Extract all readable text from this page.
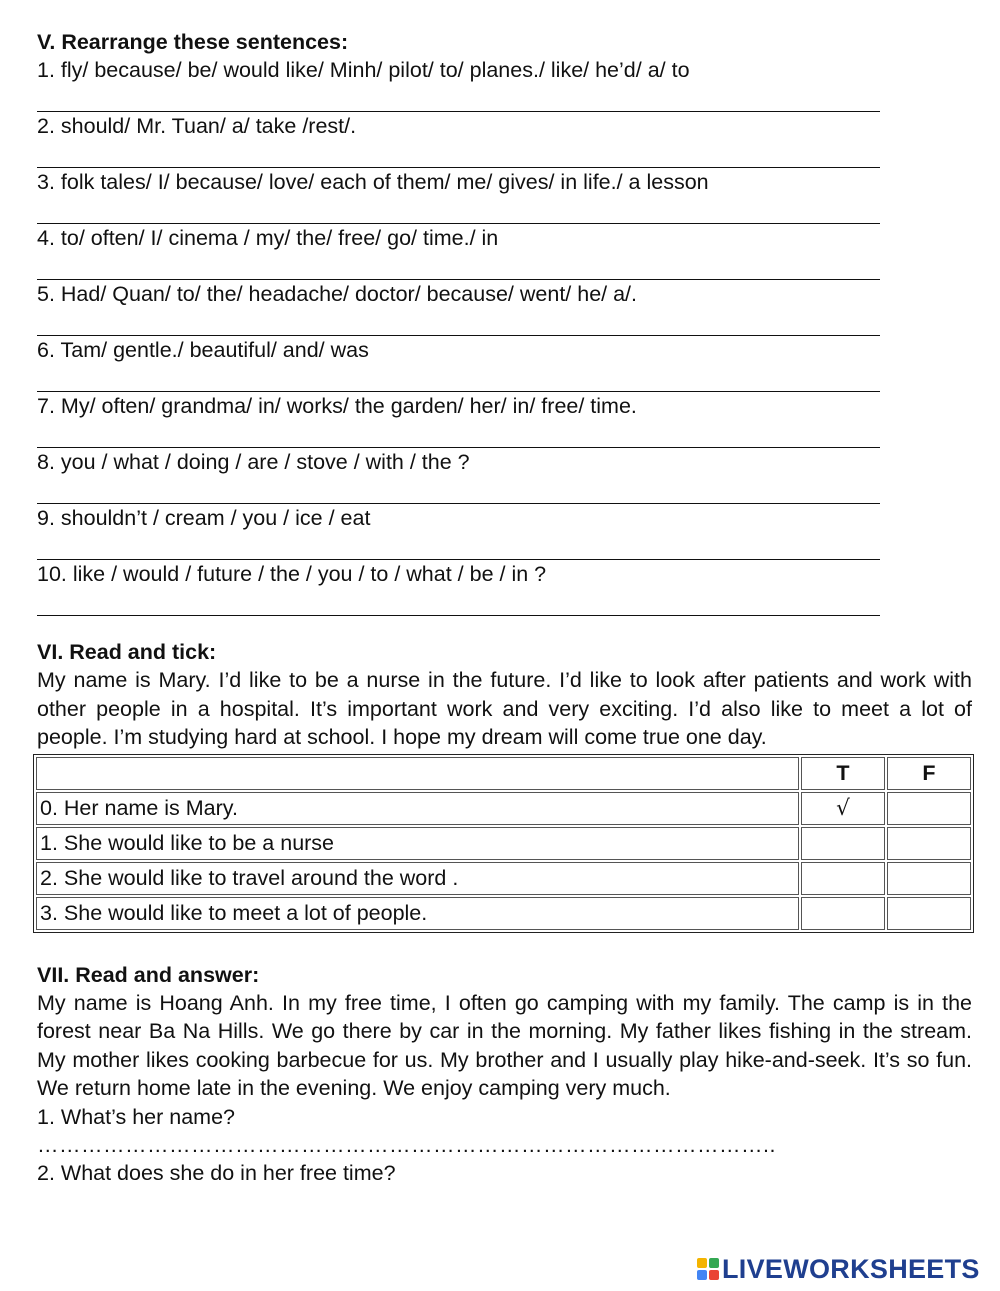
V. Rearrange these sentences:
1. fly/ because/ be/ would like/ Minh/ pilot/ to/ planes./ like/ he’d/ a/ to
2. should/ Mr. Tuan/ a/ take /rest/.
3. folk tales/ I/ because/ love/ each of them/ me/ gives/ in life./ a lesson
4. to/ often/ I/ cinema / my/ the/ free/ go/ time./ in
5. Had/ Quan/ to/ the/ headache/ doctor/ because/ went/ he/ a/.
6. Tam/ gentle./ beautiful/ and/ was
7. My/ often/ grandma/ in/ works/ the garden/ her/ in/ free/ time.
8. you / what / doing / are / stove / with / the ?
9. shouldn’t / cream / you / ice / eat
10. like / would / future / the / you / to / what / be / in ?
VI. Read and tick:
My name is Mary. I’d like to be a nurse in the future. I’d like to look after patients and work with other people in a hospital. It’s important work and very exciting. I’d also like to meet a lot of people. I’m studying hard at school. I hope my dream will come true one day.
	T	F
0. Her name is Mary.	√	
1. She would like to be a nurse		
2. She would like to travel around the word .		
3. She would like to meet a lot of people.		
VII. Read and answer:
My name is Hoang Anh. In my free time, I often go camping with my family. The camp is in the forest near Ba Na Hills. We go there by car in the morning. My father likes fishing in the stream. My mother likes cooking barbecue for us. My brother and I usually play hike-and-seek. It’s so fun. We return home late in the evening. We enjoy camping very much.
1. What’s her name?
………………………………………………………………………………………..
2. What does she do in her free time?
LIVEWORKSHEETS
